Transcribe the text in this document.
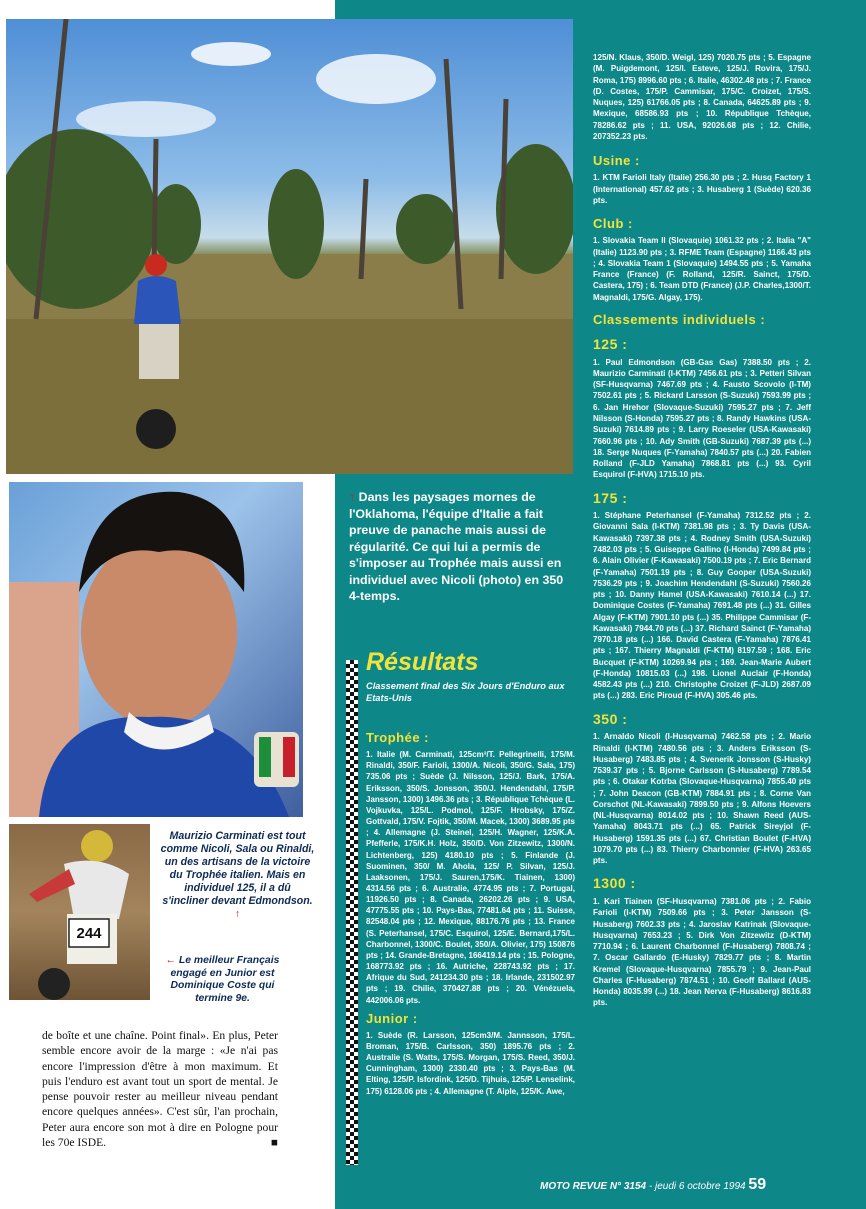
244
↑ Dans les paysages mornes de l'Oklahoma, l'équipe d'Italie a fait preuve de panache mais aussi de régularité. Ce qui lui a permis de s'imposer au Trophée mais aussi en individuel avec Nicoli (photo) en 350 4-temps.
Maurizio Carminati est tout comme Nicoli, Sala ou Rinaldi, un des artisans de la victoire du Trophée italien. Mais en individuel 125, il a dû s'incliner devant Edmondson. ↑
← Le meilleur Français engagé en Junior est Dominique Coste qui termine 9e.
de boîte et une chaîne. Point final». En plus, Peter semble encore avoir de la marge : «Je n'ai pas encore l'impression d'être à mon maximum. Et puis l'enduro est avant tout un sport de mental. Je pense pouvoir rester au meilleur niveau pendant encore quelques années». C'est sûr, l'an prochain, Peter aura encore son mot à dire en Pologne pour les 70e ISDE.	■
Résultats
Classement final des Six Jours d'Enduro aux Etats-Unis
Trophée :
1. Italie (M. Carminati, 125cm³/T. Pellegrinelli, 175/M. Rinaldi, 350/F. Farioli, 1300/A. Nicoli, 350/G. Sala, 175) 735.06 pts ; Suède (J. Nilsson, 125/J. Bark, 175/A. Eriksson, 350/S. Jonsson, 350/J. Hendendahl, 175/P. Jansson, 1300) 1496.36 pts ; 3. République Tchèque (L. Vojkuvka, 125/L. Podmol, 125/F. Hrobsky, 175/Z. Gottvald, 175/V. Fojtik, 350/M. Macek, 1300) 3689.95 pts ; 4. Allemagne (J. Steinel, 125/H. Wagner, 125/K.A. Pfefferle, 175/K.H. Holz, 350/D. Von Zitzewitz, 1300/N. Lichtenberg, 125) 4180.10 pts ; 5. Finlande (J. Suominen, 350/ M. Ahola, 125/ P. Silvan, 125/J. Laaksonen, 175/J. Sauren,175/K. Tiainen, 1300) 4314.56 pts ; 6. Australie, 4774.95 pts ; 7. Portugal, 11926.50 pts ; 8. Canada, 26202.26 pts ; 9. USA, 47775.55 pts ; 10. Pays-Bas, 77481.64 pts ; 11. Suisse, 82548.04 pts ; 12. Mexique, 88176.76 pts ; 13. France (S. Peterhansel, 175/C. Esquirol, 125/E. Bernard,175/L. Charbonnel, 1300/C. Boulet, 350/A. Olivier, 175) 150876 pts ; 14. Grande-Bretagne, 166419.14 pts ; 15. Pologne, 168773.92 pts ; 16. Autriche, 228743.92 pts ; 17. Afrique du Sud, 241234.30 pts ; 18. Irlande, 231502.97 pts ; 19. Chilie, 370427.88 pts ; 20. Vénézuela, 442006.06 pts.
Junior :
1. Suède (R. Larsson, 125cm3/M. Jannsson, 175/L. Broman, 175/B. Carlsson, 350) 1895.76 pts ; 2. Australie (S. Watts, 175/S. Morgan, 175/S. Reed, 350/J. Cunningham, 1300) 2330.40 pts ; 3. Pays-Bas (M. Elting, 125/P. Isfordink, 125/D. Tijhuis, 125/P. Lenselink, 175) 6128.06 pts ; 4. Allemagne (T. Aiple, 125/K. Awe,
125/N. Klaus, 350/D. Weigl, 125) 7020.75 pts ; 5. Espagne (M. Puigdemont, 125/I. Esteve, 125/J. Rovira, 175/J. Roma, 175) 8996.60 pts ; 6. Italie, 46302.48 pts ; 7. France (D. Costes, 175/P. Cammisar, 175/C. Croizet, 175/S. Nuques, 125) 61766.05 pts ; 8. Canada, 64625.89 pts ; 9. Mexique, 68586.93 pts ; 10. République Tchèque, 78286.62 pts ; 11. USA, 92026.68 pts ; 12. Chilie, 207352.23 pts.
Usine :
1. KTM Farioli Italy (Italie) 256.30 pts ; 2. Husq Factory 1 (International) 457.62 pts ; 3. Husaberg 1 (Suède) 620.36 pts.
Club :
1. Slovakia Team II (Slovaquie) 1061.32 pts ; 2. Italia "A" (Italie) 1123.90 pts ; 3. RFME Team (Espagne) 1166.43 pts ; 4. Slovakia Team 1 (Slovaquie) 1494.55 pts ; 5. Yamaha France (France) (F. Rolland, 125/R. Sainct, 175/D. Castera, 175) ; 6. Team DTD (France) (J.P. Charles,1300/T. Magnaldi, 175/G. Algay, 175).
Classements individuels :
125 :
1. Paul Edmondson (GB-Gas Gas) 7388.50 pts ; 2. Maurizio Carminati (I-KTM) 7456.61 pts ; 3. Petteri Silvan (SF-Husqvarna) 7467.69 pts ; 4. Fausto Scovolo (I-TM) 7502.61 pts ; 5. Rickard Larsson (S-Suzuki) 7593.99 pts ; 6. Jan Hrehor (Slovaque-Suzuki) 7595.27 pts ; 7. Jeff Nilsson (S-Honda) 7595.27 pts ; 8. Randy Hawkins (USA-Suzuki) 7614.89 pts ; 9. Larry Roeseler (USA-Kawasaki) 7660.96 pts ; 10. Ady Smith (GB-Suzuki) 7687.39 pts (...) 18. Serge Nuques (F-Yamaha) 7840.57 pts (...) 20. Fabien Rolland (F-JLD Yamaha) 7868.81 pts (...) 93. Cyril Esquirol (F-HVA) 1715.10 pts.
175 :
1. Stéphane Peterhansel (F-Yamaha) 7312.52 pts ; 2. Giovanni Sala (I-KTM) 7381.98 pts ; 3. Ty Davis (USA-Kawasaki) 7397.38 pts ; 4. Rodney Smith (USA-Suzuki) 7482.03 pts ; 5. Guiseppe Gallino (I-Honda) 7499.84 pts ; 6. Alain Olivier (F-Kawasaki) 7500.19 pts ; 7. Eric Bernard (F-Yamaha) 7501.19 pts ; 8. Guy Gooper (USA-Suzuki) 7536.29 pts ; 9. Joachim Hendendahl (S-Suzuki) 7560.26 pts ; 10. Danny Hamel (USA-Kawasaki) 7610.14 (...) 17. Dominique Costes (F-Yamaha) 7691.48 pts (...) 31. Gilles Algay (F-KTM) 7901.10 pts (...) 35. Philippe Cammisar (F-Kawasaki) 7944.70 pts (...) 37. Richard Sainct (F-Yamaha) 7970.18 pts (...) 166. David Castera (F-Yamaha) 7876.41 pts ; 167. Thierry Magnaldi (F-KTM) 8197.59 ; 168. Eric Bucquet (F-KTM) 10269.94 pts ; 169. Jean-Marie Aubert (F-Honda) 10815.03 (...) 198. Lionel Auclair (F-Honda) 4582.43 pts (...) 210. Christophe Croizet (F-JLD) 2687.09 pts (...) 283. Eric Piroud (F-HVA) 305.46 pts.
350 :
1. Arnaldo Nicoli (I-Husqvarna) 7462.58 pts ; 2. Mario Rinaldi (I-KTM) 7480.56 pts ; 3. Anders Eriksson (S-Husaberg) 7483.85 pts ; 4. Svenerik Jonsson (S-Husky) 7539.37 pts ; 5. Bjorne Carlsson (S-Husaberg) 7789.54 pts ; 6. Otakar Kotrba (Slovaque-Husqvarna) 7855.40 pts ; 7. John Deacon (GB-KTM) 7884.91 pts ; 8. Corne Van Corschot (NL-Kawasaki) 7899.50 pts ; 9. Alfons Hoevers (NL-Husqvarna) 8014.02 pts ; 10. Shawn Reed (AUS-Yamaha) 8043.71 pts (...) 65. Patrick Sireyjol (F-Husaberg) 1591.35 pts (...) 67. Christian Boulet (F-HVA) 1079.70 pts (...) 83. Thierry Charbonnier (F-HVA) 263.65 pts.
1300 :
1. Kari Tiainen (SF-Husqvarna) 7381.06 pts ; 2. Fabio Farioli (I-KTM) 7509.66 pts ; 3. Peter Jansson (S-Husaberg) 7602.33 pts ; 4. Jaroslav Katrinak (Slovaque-Husqvarna) 7653.23 ; 5. Dirk Von Zitzewitz (D-KTM) 7710.94 ; 6. Laurent Charbonnel (F-Husaberg) 7808.74 ; 7. Oscar Gallardo (E-Husky) 7829.77 pts ; 8. Martin Kremel (Slovaque-Husqvarna) 7855.79 ; 9. Jean-Paul Charles (F-Husaberg) 7874.51 ; 10. Geoff Ballard (AUS-Honda) 8035.99 (...) 18. Jean Nerva (F-Husaberg) 8616.83 pts.
MOTO REVUE N° 3154 - jeudi 6 octobre 1994 59
